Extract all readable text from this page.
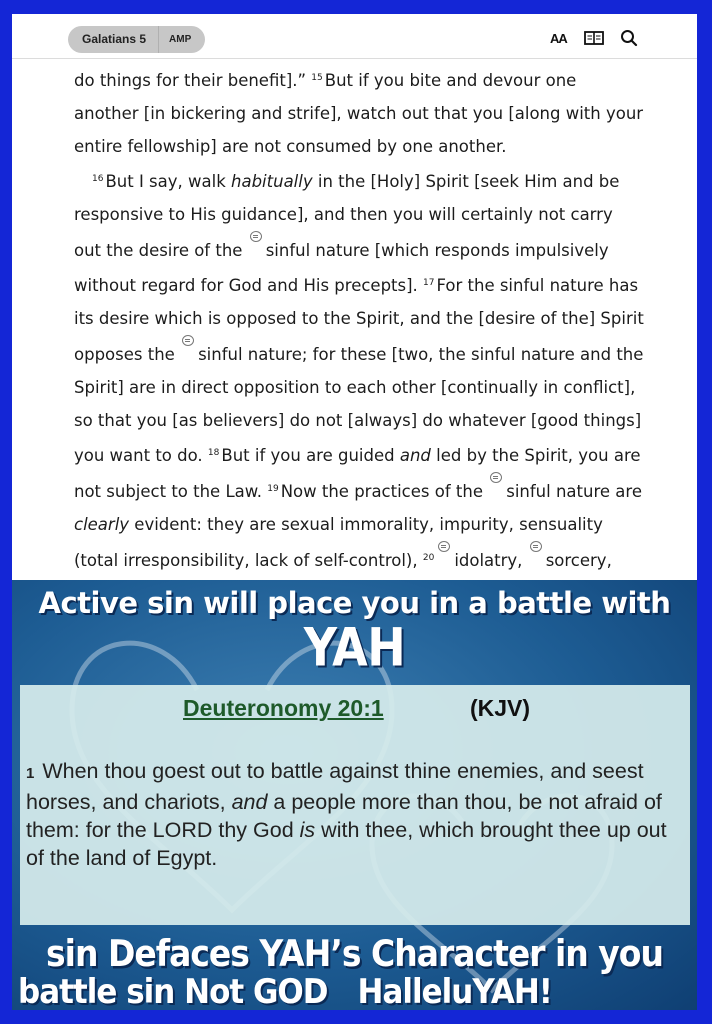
Galatians 5	AMP	AA

do things for their benefit].” $^{15}$ But if you bite and devour one another [in bickering and strife], watch out that you [along with your entire fellowship] are not consumed by one another.

$^{16}$ But I say, walk habitually in the [Holy] Spirit [seek Him and be responsive to His guidance], and then you will certainly not carry out the desire of the sinful nature [which responds impulsively without regard for God and His precepts]. $^{17}$ For the sinful nature has its desire which is opposed to the Spirit, and the [desire of the] Spirit opposes the sinful nature; for these [two, the sinful nature and the Spirit] are in direct opposition to each other [continually in conflict], so that you [as believers] do not [always] do whatever [good things] you want to do. $^{18}$ But if you are guided and led by the Spirit, you are not subject to the Law. $^{19}$ Now the practices of the sinful nature are clearly evident: they are sexual immorality, impurity, sensuality (total irresponsibility, lack of self-control), $^{20}$ idolatry, sorcery,

Active sin will place you in a battle with
YAH
Deuteronomy 20:1	(KJV)
1 When thou goest out to battle against thine enemies, and seest horses, and chariots, and a people more than thou, be not afraid of them: for the LORD thy God is with thee, which brought thee up out of the land of Egypt.
sin Defaces YAH’s Character in you
battle sin Not GOD HalleluYAH!
